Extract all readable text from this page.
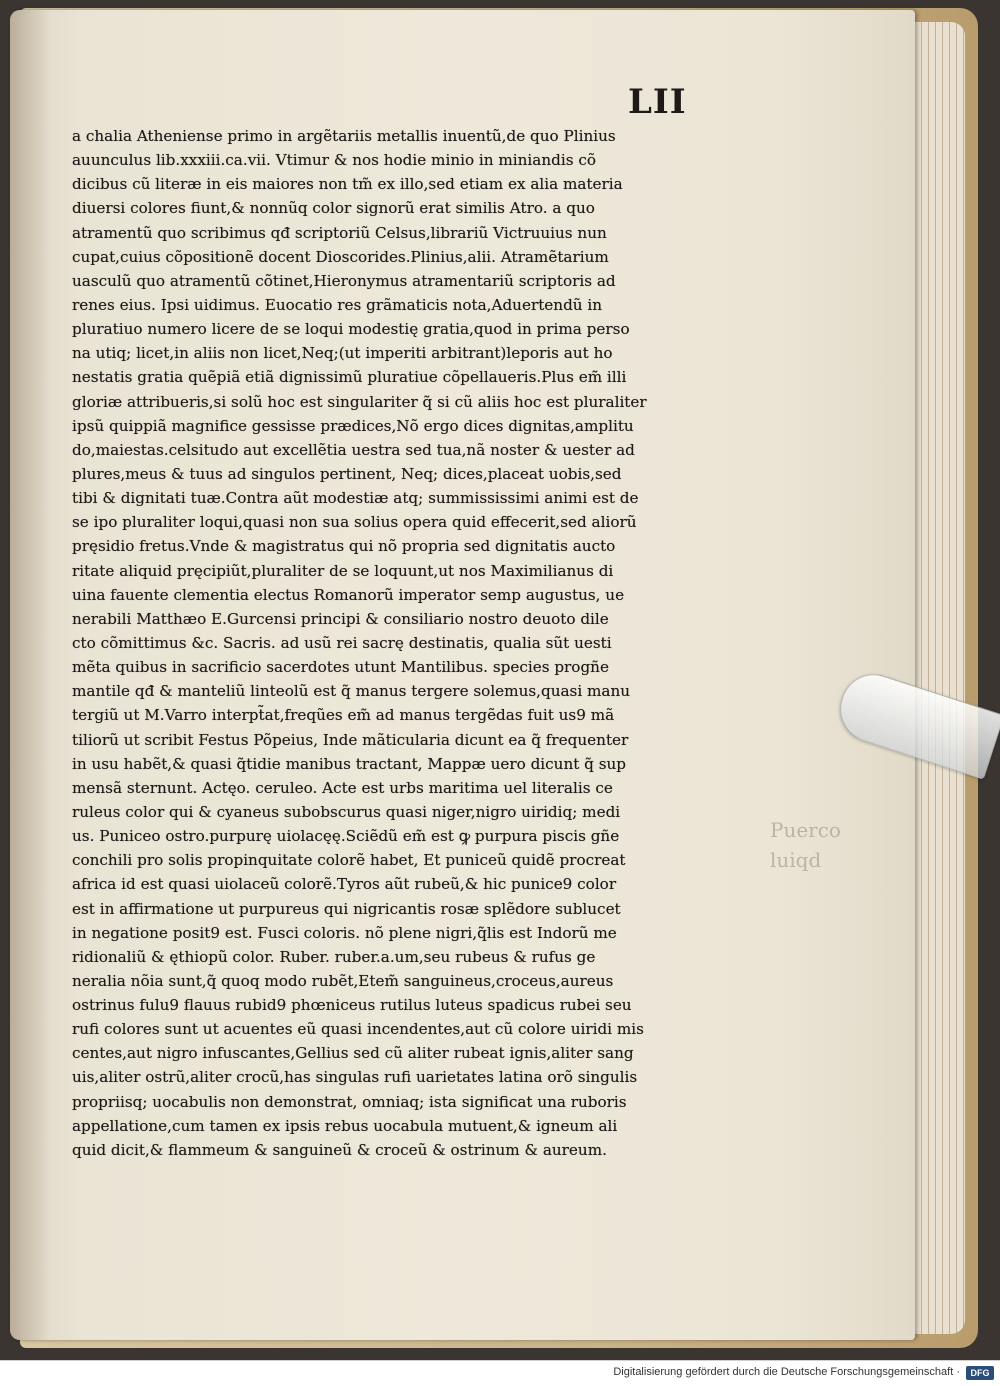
LII

a chalia Atheniense primo in argẽtariis metallis inuentũ,de quo Plinius
auunculus lib.xxxiii.ca.vii. Vtimur & nos hodie minio in miniandis cõ
dicibus cũ literæ in eis maiores non tm̃ ex illo,sed etiam ex alia materia
diuersi colores fiunt,& nonnũq color signorũ erat similis Atro. a quo
atramentũ quo scribimus qđ scriptoriũ Celsus,librariũ Victruuius nun
cupat,cuius cõpositionẽ docent Dioscorides.Plinius,alii. Atramẽtarium
uasculũ quo atramentũ cõtinet,Hieronymus atramentariũ scriptoris ad
renes eius. Ipsi uidimus. Euocatio res grãmaticis nota,Aduertendũ in
pluratiuo numero licere de se loqui modestię gratia,quod in prima perso
na utiq; licet,in aliis non licet,Neq;(ut imperiti arbitrant)leporis aut ho
nestatis gratia quẽpiã etiã dignissimũ pluratiue cõpellaueris.Plus em̃ illi
gloriæ attribueris,si solũ hoc est singulariter q̃ si cũ aliis hoc est pluraliter
ipsũ quippiã magnifice gessisse prædices,Nõ ergo dices dignitas,amplitu
do,maiestas.celsitudo aut excellẽtia uestra sed tua,nã noster & uester ad
plures,meus & tuus ad singulos pertinent, Neq; dices,placeat uobis,sed
tibi & dignitati tuæ.Contra aũt modestiæ atq; summississimi animi est de
se ipo pluraliter loqui,quasi non sua solius opera quid effecerit,sed aliorũ
pręsidio fretus.Vnde & magistratus qui nõ propria sed dignitatis aucto
ritate aliquid pręcipiũt,pluraliter de se loquunt,ut nos Maximilianus di
uina fauente clementia electus Romanorũ imperator semp augustus, ue
nerabili Matthæo E.Gurcensi principi & consiliario nostro deuoto dile
cto cõmittimus &c. Sacris. ad usũ rei sacrę destinatis, qualia sũt uesti
mẽta quibus in sacrificio sacerdotes utunt Mantilibus. species progñe
mantile qđ & manteliũ linteolũ est q̃ manus tergere solemus,quasi manu
tergiũ ut M.Varro interpt̃at,freqũes em̃ ad manus tergẽdas fuit us9 mã
tiliorũ ut scribit Festus Põpeius, Inde mãticularia dicunt ea q̃ frequenter
in usu habẽt,& quasi q̃tidie manibus tractant, Mappæ uero dicunt q̃ sup
mensã sternunt. Actęo. ceruleo. Acte est urbs maritima uel literalis ce
ruleus color qui & cyaneus subobscurus quasi niger,nigro uiridiq; medi
us. Puniceo ostro.purpurę uiolacęę.Sciẽdũ em̃ est ꝙ purpura piscis gñe
conchili pro solis propinquitate colorẽ habet, Et puniceũ quidẽ procreat
africa id est quasi uiolaceũ colorẽ.Tyros aũt rubeũ,& hic punice9 color
est in affirmatione ut purpureus qui nigricantis rosæ splẽdore sublucet
in negatione posit9 est. Fusci coloris. nõ plene nigri,q̃lis est Indorũ me
ridionaliũ & ęthiopũ color. Ruber. ruber.a.um,seu rubeus & rufus ge
neralia nõia sunt,q̃ quoq modo rubẽt,Etem̃ sanguineus,croceus,aureus
ostrinus fulu9 flauus rubid9 phœniceus rutilus luteus spadicus rubei seu
rufi colores sunt ut acuentes eũ quasi incendentes,aut cũ colore uiridi mis
centes,aut nigro infuscantes,Gellius sed cũ aliter rubeat ignis,aliter sang
uis,aliter ostrũ,aliter crocũ,has singulas rufi uarietates latina orõ singulis
propriisq; uocabulis non demonstrat, omniaq; ista significat una ruboris
appellatione,cum tamen ex ipsis rebus uocabula mutuent,& igneum ali
quid dicit,& flammeum & sanguineũ & croceũ & ostrinum & aureum.

Puerco

luiqd

Digitalisierung gefördert durch die Deutsche Forschungsgemeinschaft ·	DFG
